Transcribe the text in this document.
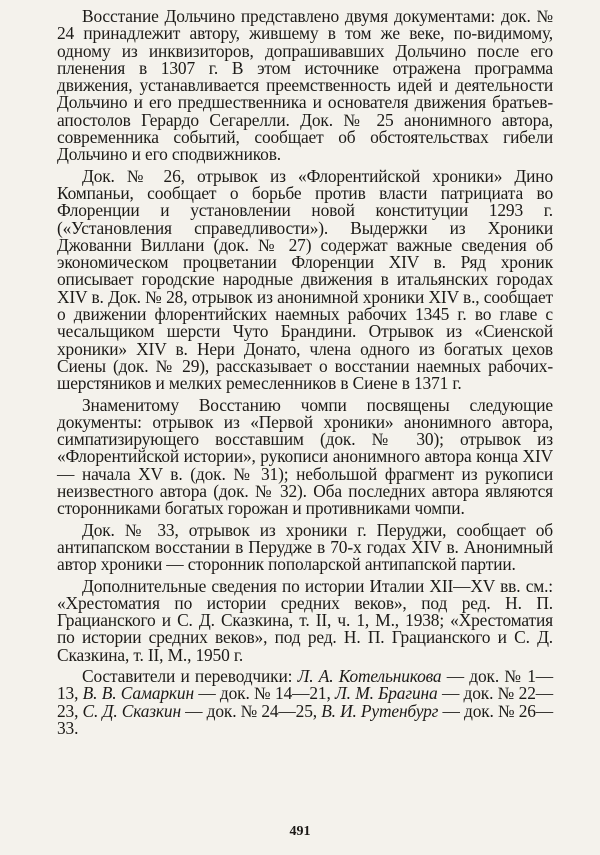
Восстание Дольчино представлено двумя документами: док. № 24 принадлежит автору, жившему в том же веке, по-видимому, одному из инквизиторов, допрашивавших Дольчино после его пленения в 1307 г. В этом источнике отражена программа движения, устанавливается преемственность идей и деятельности Дольчино и его предшественника и основателя движения братьев-апостолов Герардо Сегарелли. Док. № 25 анонимного автора, современника событий, сообщает об обстоятельствах гибели Дольчино и его сподвижников.

Док. № 26, отрывок из «Флорентийской хроники» Дино Компаньи, сообщает о борьбе против власти патрициата во Флоренции и установлении новой конституции 1293 г. («Установления справедливости»). Выдержки из Хроники Джованни Виллани (док. № 27) содержат важные сведения об экономическом процветании Флоренции XIV в. Ряд хроник описывает городские народные движения в итальянских городах XIV в. Док. № 28, отрывок из анонимной хроники XIV в., сообщает о движении флорентийских наемных рабочих 1345 г. во главе с чесальщиком шерсти Чуто Брандини. Отрывок из «Сиенской хроники» XIV в. Нери Донато, члена одного из богатых цехов Сиены (док. № 29), рассказывает о восстании наемных рабочих-шерстяников и мелких ремесленников в Сиене в 1371 г.

Знаменитому Восстанию чомпи посвящены следующие документы: отрывок из «Первой хроники» анонимного автора, симпатизирующего восставшим (док. № 30); отрывок из «Флорентийской истории», рукописи анонимного автора конца XIV — начала XV в. (док. № 31); небольшой фрагмент из рукописи неизвестного автора (док. № 32). Оба последних автора являются сторонниками богатых горожан и противниками чомпи.

Док. № 33, отрывок из хроники г. Перуджи, сообщает об антипапском восстании в Перудже в 70-х годах XIV в. Анонимный автор хроники — сторонник пополарской антипапской партии.

Дополнительные сведения по истории Италии XII—XV вв. см.: «Хрестоматия по истории средних веков», под ред. Н. П. Грацианского и С. Д. Сказкина, т. II, ч. 1, М., 1938; «Хрестоматия по истории средних веков», под ред. Н. П. Грацианского и С. Д. Сказкина, т. II, М., 1950 г.

Составители и переводчики: Л. А. Котельникова — док. № 1—13, В. В. Самаркин — док. № 14—21, Л. М. Брагина — док. № 22—23, С. Д. Сказкин — док. № 24—25, В. И. Рутенбург — док. № 26—33.

491
